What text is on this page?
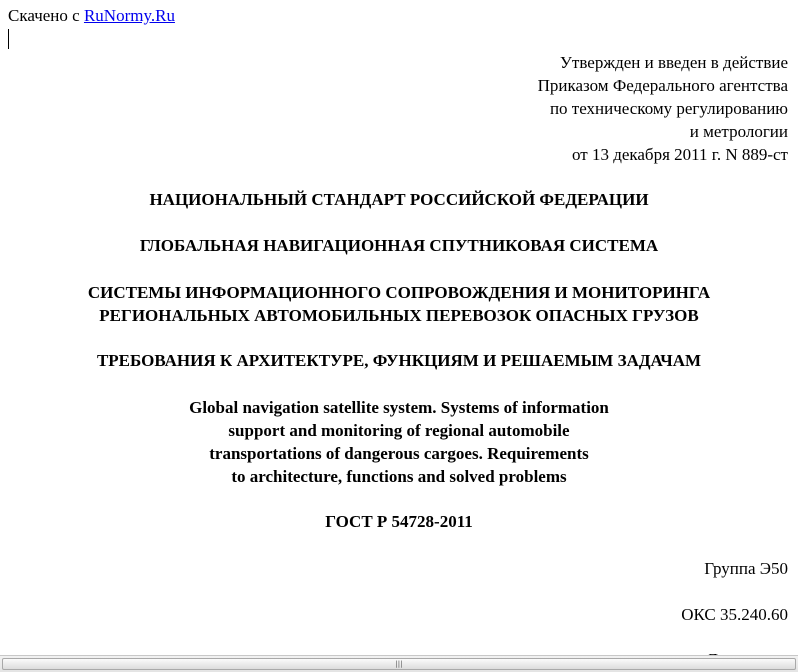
Скачено с RuNormy.Ru
Утвержден и введен в действие
Приказом Федерального агентства
по техническому регулированию
и метрологии
от 13 декабря 2011 г. N 889-ст
НАЦИОНАЛЬНЫЙ СТАНДАРТ РОССИЙСКОЙ ФЕДЕРАЦИИ
ГЛОБАЛЬНАЯ НАВИГАЦИОННАЯ СПУТНИКОВАЯ СИСТЕМА
СИСТЕМЫ ИНФОРМАЦИОННОГО СОПРОВОЖДЕНИЯ И МОНИТОРИНГА
РЕГИОНАЛЬНЫХ АВТОМОБИЛЬНЫХ ПЕРЕВОЗОК ОПАСНЫХ ГРУЗОВ
ТРЕБОВАНИЯ К АРХИТЕКТУРЕ, ФУНКЦИЯМ И РЕШАЕМЫМ ЗАДАЧАМ
Global navigation satellite system. Systems of information
support and monitoring of regional automobile
transportations of dangerous cargoes. Requirements
to architecture, functions and solved problems
ГОСТ Р 54728-2011
Группа Э50
ОКС 35.240.60
|||
